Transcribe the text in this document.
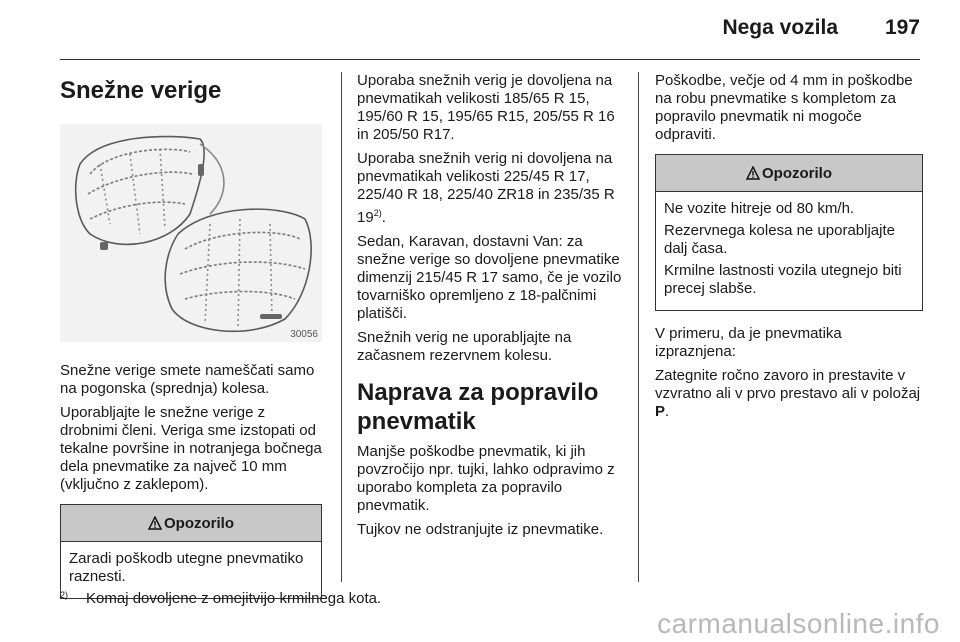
Nega vozila 197
Snežne verige
30056

Snežne verige smete nameščati samo na pogonska (sprednja) kolesa.

Uporabljajte le snežne verige z drobnimi členi. Veriga sme izstopati od tekalne površine in notranjega bočnega dela pnevmatike za največ 10 mm (vključno z zaklepom).

Opozorilo

Zaradi poškodb utegne pnevmatiko raznesti.

Uporaba snežnih verig je dovoljena na pnevmatikah velikosti 185/65 R 15, 195/60 R 15, 195/65 R15, 205/55 R 16 in 205/50 R17.

Uporaba snežnih verig ni dovoljena na pnevmatikah velikosti 225/45 R 17, 225/40 R 18, 225/40 ZR18 in 235/35 R 19$^{2)}$.

Sedan, Karavan, dostavni Van: za snežne verige so dovoljene pnevmatike dimenzij 215/45 R 17 samo, če je vozilo tovarniško opremljeno z 18-palčnimi platišči.

Snežnih verig ne uporabljajte na začasnem rezervnem kolesu.

Naprava za popravilo pnevmatik

Manjše poškodbe pnevmatik, ki jih povzročijo npr. tujki, lahko odpravimo z uporabo kompleta za popravilo pnevmatik.

Tujkov ne odstranjujte iz pnevmatike.

Poškodbe, večje od 4 mm in poškodbe na robu pnevmatike s kompletom za popravilo pnevmatik ni mogoče odpraviti.

Opozorilo

Ne vozite hitreje od 80 km/h.

Rezervnega kolesa ne uporabljajte dalj časa.

Krmilne lastnosti vozila utegnejo biti precej slabše.

V primeru, da je pnevmatika izpraznjena:

Zategnite ročno zavoro in prestavite v vzvratno ali v prvo prestavo ali v položaj P.

$^{2)}$ Komaj dovoljene z omejitvijo krmilnega kota.
carmanualsonline.info
